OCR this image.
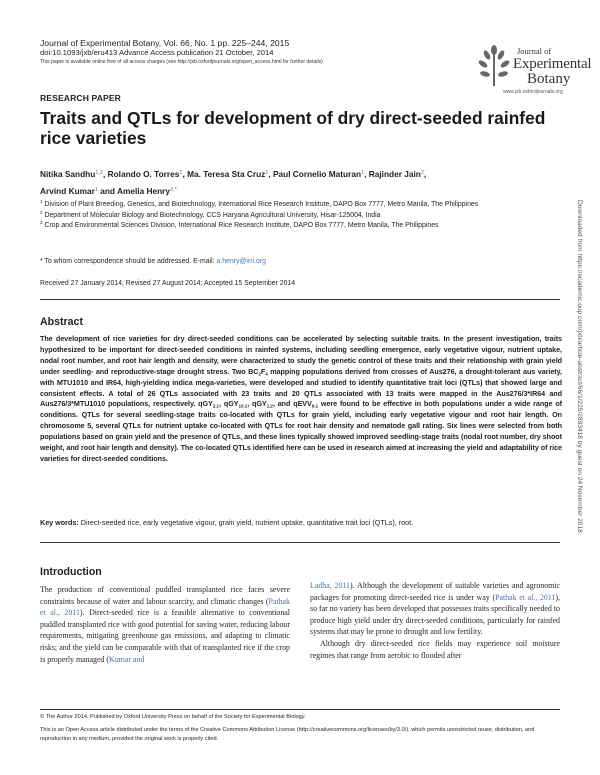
Journal of Experimental Botany, Vol. 66, No. 1 pp. 225–244, 2015
doi:10.1093/jxb/eru413 Advance Access publication 21 October, 2014
This paper is available online free of all access charges (see http://jxb.oxfordjournals.org/open_access.html for further details)
Journal of
Experimental
Botany
www.jxb.oxfordjournals.org
RESEARCH PAPER
Traits and QTLs for development of dry direct-seeded rainfed rice varieties
Nitika Sandhu$^{1,2}$, Rolando O. Torres$^1$, Ma. Teresa Sta Cruz$^1$, Paul Cornelio Maturan$^1$, Rajinder Jain$^2$,
Arvind Kumar$^1$ and Amelia Henry$^{3,*}$
$^1$ Division of Plant Breeding, Genetics, and Biotechnology, International Rice Research Institute, DAPO Box 7777, Metro Manila, The Philippines
$^2$ Department of Molecular Biology and Biotechnology, CCS Haryana Agricultural University, Hisar-125004, India
$^3$ Crop and Environmental Sciences Division, International Rice Research Institute, DAPO Box 7777, Metro Manila, The Philippines
* To whom correspondence should be addressed. E-mail: a.henry@irri.org
Received 27 January 2014; Revised 27 August 2014; Accepted 15 September 2014
Abstract
The development of rice varieties for dry direct-seeded conditions can be accelerated by selecting suitable traits. In the present investigation, traits hypothesized to be important for direct-seeded conditions in rainfed systems, including seedling emergence, early vegetative vigour, nutrient uptake, nodal root number, and root hair length and density, were characterized to study the genetic control of these traits and their relationship with grain yield under seedling- and reproductive-stage drought stress. Two $BC_2F_4$ mapping populations derived from crosses of Aus276, a drought-tolerant aus variety, with MTU1010 and IR64, high-yielding indica mega-varieties, were developed and studied to identify quantitative trait loci (QTLs) that showed large and consistent effects. A total of 26 QTLs associated with 23 traits and 20 QTLs associated with 13 traits were mapped in the Aus276/3*IR64 and Aus276/3*MTU1010 populations, respectively. qGY$_{2.1}$, qGY$_{10.1}$, qGY$_{1.2}$, and qEVV$_{9.1}$ were found to be effective in both populations under a wide range of conditions. QTLs for several seedling-stage traits co-located with QTLs for grain yield, including early vegetative vigour and root hair length. On chromosome 5, several QTLs for nutrient uptake co-located with QTLs for root hair density and nematode gall rating. Six lines were selected from both populations based on grain yield and the presence of QTLs, and these lines typically showed improved seedling-stage traits (nodal root number, dry shoot weight, and root hair length and density). The co-located QTLs identified here can be used in research aimed at increasing the yield and adaptability of rice varieties for direct-seeded conditions.
Key words: Direct-seeded rice, early vegetative vigour, grain yield, nutrient uptake, quantitative trait loci (QTLs), root.
Introduction

The production of conventional puddled transplanted rice faces severe constraints because of water and labour scarcity, and climatic changes (Pathak et al., 2011). Direct-seeded rice is a feasible alternative to conventional puddled transplanted rice with good potential for saving water, reducing labour requirements, mitigating greenhouse gas emissions, and adapting to climatic risks; and the yield can be comparable with that of transplanted rice if the crop is properly managed (Kumar and

Ladha, 2011). Although the development of suitable varieties and agronomic packages for promoting direct-seeded rice is under way (Pathak et al., 2011), so far no variety has been developed that possesses traits specifically needed to produce high yield under dry direct-seeded conditions, particularly for rainfed systems that may be prone to drought and low fertility.

Although dry direct-seeded rice fields may experience soil moisture regimes that range from aerobic to flooded after

© The Author 2014. Published by Oxford University Press on behalf of the Society for Experimental Biology.
This is an Open Access article distributed under the terms of the Creative Commons Attribution License (http://creativecommons.org/licenses/by/3.0/), which permits unrestricted reuse, distribution, and reproduction in any medium, provided the original work is properly cited.
Downloaded from https://academic.oup.com/jxb/article-abstract/66/1/225/2893418 by guest on 24 November 2018
